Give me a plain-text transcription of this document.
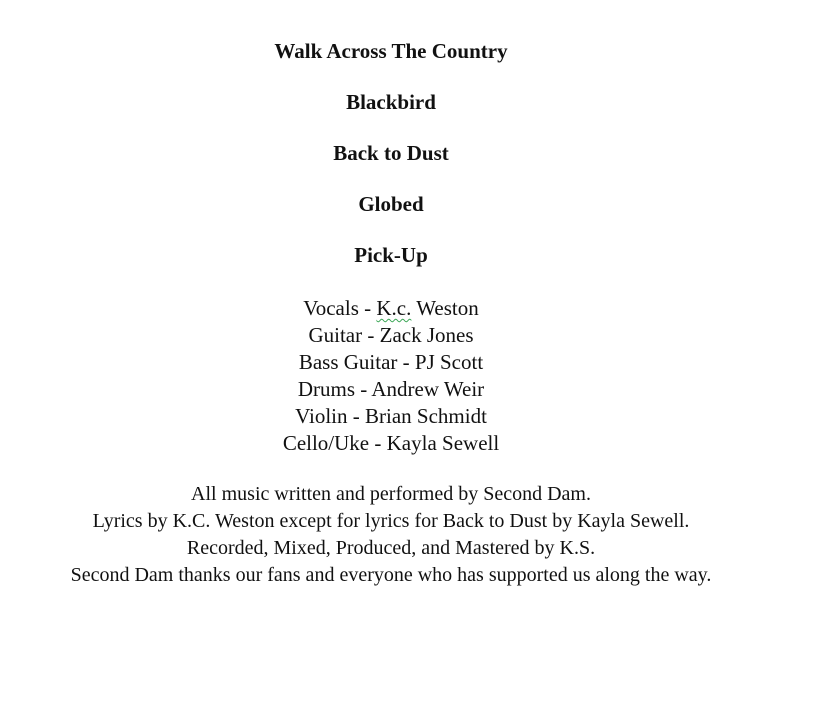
Walk Across The Country
Blackbird
Back to Dust
Globed
Pick-Up
Vocals - K.c. Weston
Guitar - Zack Jones
Bass Guitar - PJ Scott
Drums - Andrew Weir
Violin - Brian Schmidt
Cello/Uke - Kayla Sewell
All music written and performed by Second Dam.
Lyrics by K.C. Weston except for lyrics for Back to Dust by Kayla Sewell.
Recorded, Mixed, Produced, and Mastered by K.S.
Second Dam thanks our fans and everyone who has supported us along the way.
